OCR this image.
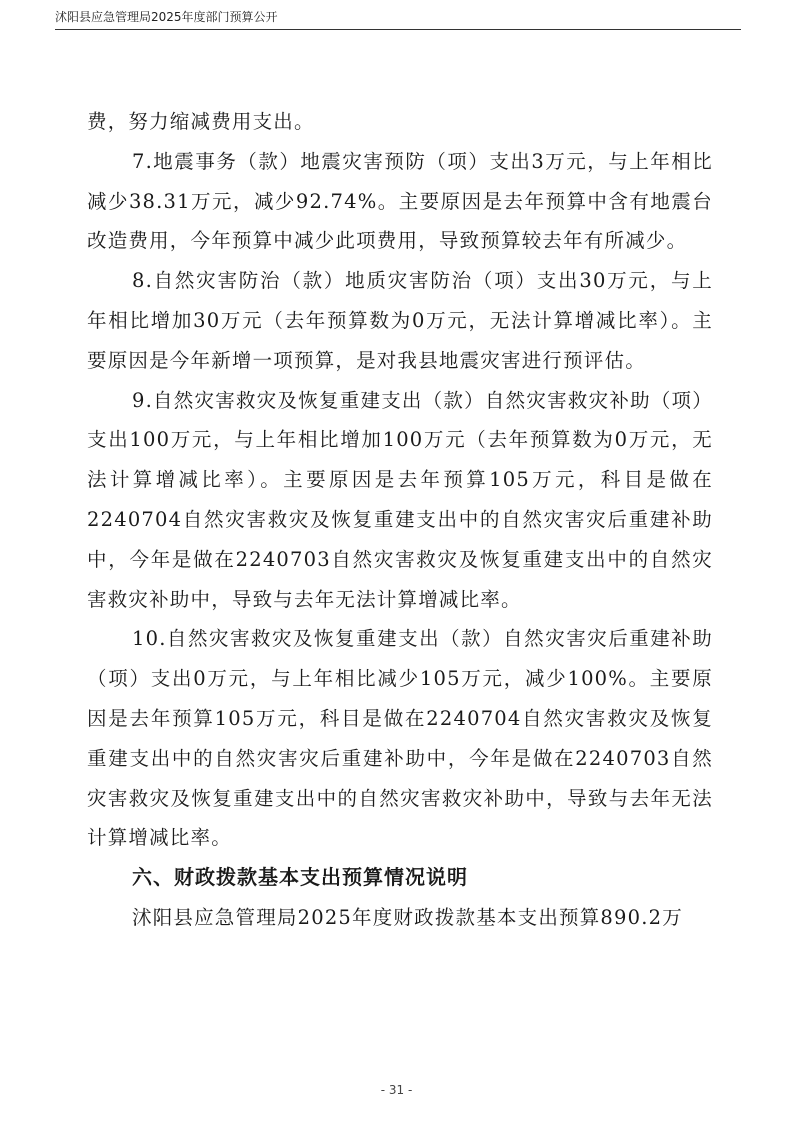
沭阳县应急管理局2025年度部门预算公开

费，努力缩减费用支出。

7.地震事务（款）地震灾害预防（项）支出3万元，与上年相比减少38.31万元，减少92.74%。主要原因是去年预算中含有地震台改造费用，今年预算中减少此项费用，导致预算较去年有所减少。

8.自然灾害防治（款）地质灾害防治（项）支出30万元，与上年相比增加30万元（去年预算数为0万元，无法计算增减比率）。主要原因是今年新增一项预算，是对我县地震灾害进行预评估。

9.自然灾害救灾及恢复重建支出（款）自然灾害救灾补助（项）支出100万元，与上年相比增加100万元（去年预算数为0万元，无法计算增减比率）。主要原因是去年预算105万元，科目是做在2240704自然灾害救灾及恢复重建支出中的自然灾害灾后重建补助中，今年是做在2240703自然灾害救灾及恢复重建支出中的自然灾害救灾补助中，导致与去年无法计算增减比率。

10.自然灾害救灾及恢复重建支出（款）自然灾害灾后重建补助（项）支出0万元，与上年相比减少105万元，减少100%。主要原因是去年预算105万元，科目是做在2240704自然灾害救灾及恢复重建支出中的自然灾害灾后重建补助中，今年是做在2240703自然灾害救灾及恢复重建支出中的自然灾害救灾补助中，导致与去年无法计算增减比率。

六、财政拨款基本支出预算情况说明

沭阳县应急管理局2025年度财政拨款基本支出预算890.2万

- 31 -
